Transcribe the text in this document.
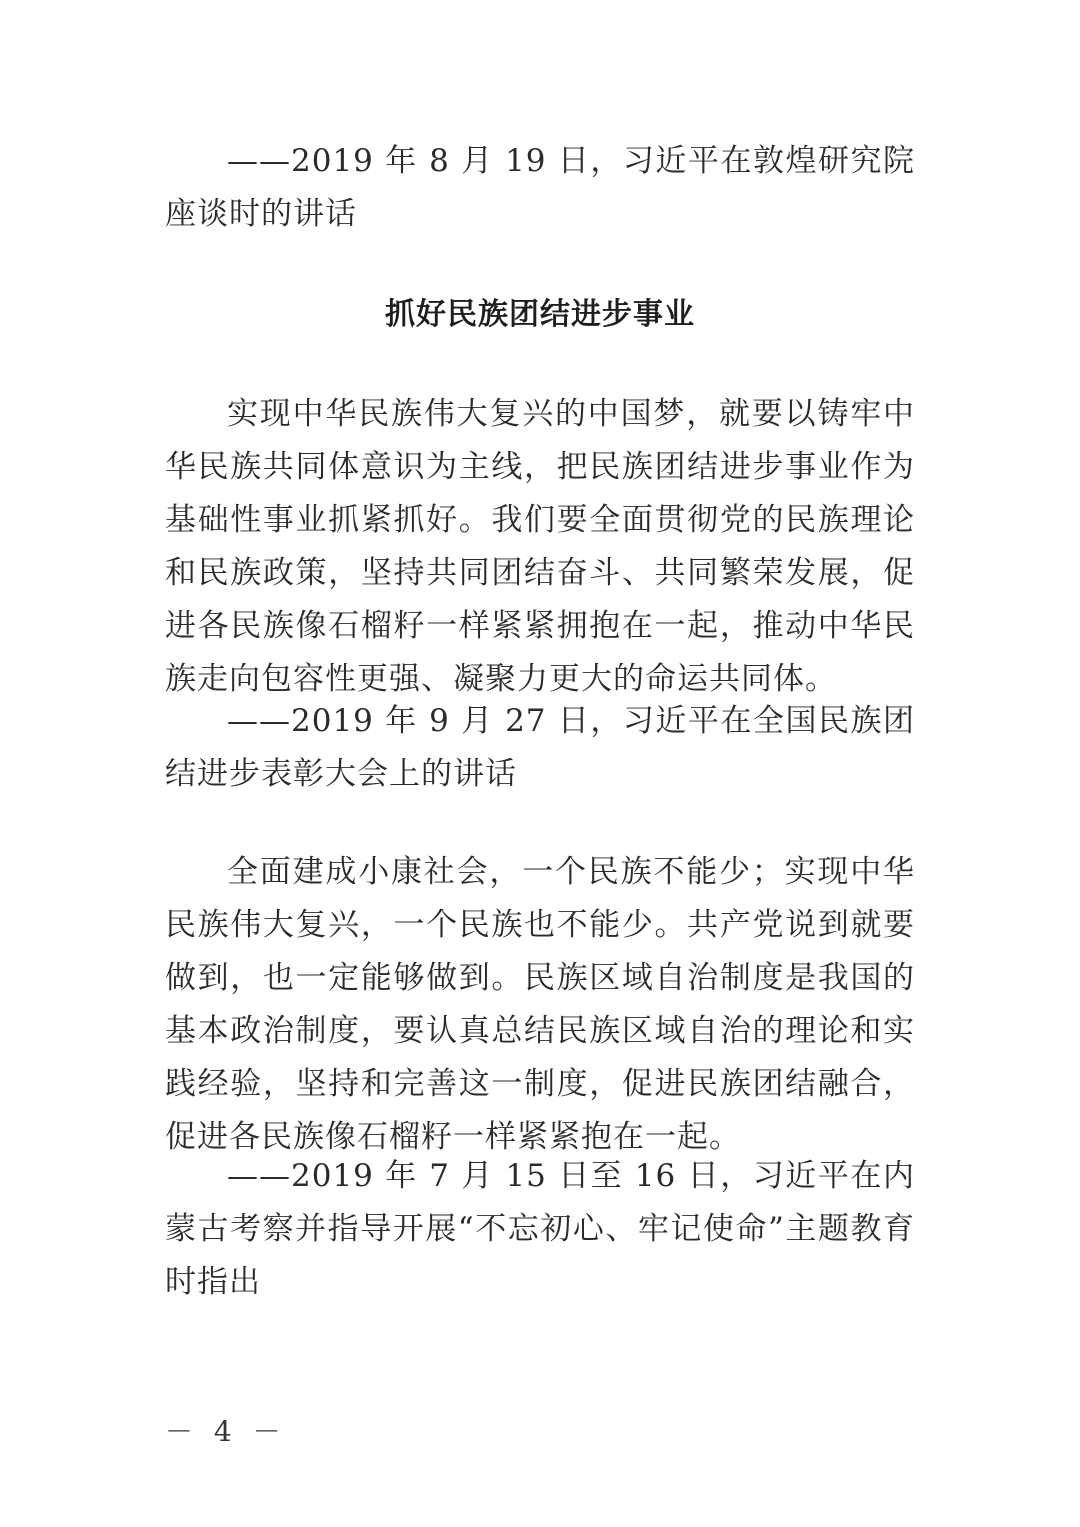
——2019 年 8 月 19 日，习近平在敦煌研究院座谈时的讲话

抓好民族团结进步事业

实现中华民族伟大复兴的中国梦，就要以铸牢中华民族共同体意识为主线，把民族团结进步事业作为基础性事业抓紧抓好。我们要全面贯彻党的民族理论和民族政策，坚持共同团结奋斗、共同繁荣发展，促进各民族像石榴籽一样紧紧拥抱在一起，推动中华民族走向包容性更强、凝聚力更大的命运共同体。

——2019 年 9 月 27 日，习近平在全国民族团结进步表彰大会上的讲话

全面建成小康社会，一个民族不能少；实现中华民族伟大复兴，一个民族也不能少。共产党说到就要做到，也一定能够做到。民族区域自治制度是我国的基本政治制度，要认真总结民族区域自治的理论和实践经验，坚持和完善这一制度，促进民族团结融合，促进各民族像石榴籽一样紧紧抱在一起。

——2019 年 7 月 15 日至 16 日，习近平在内蒙古考察并指导开展“不忘初心、牢记使命”主题教育时指出

－ 4 －
